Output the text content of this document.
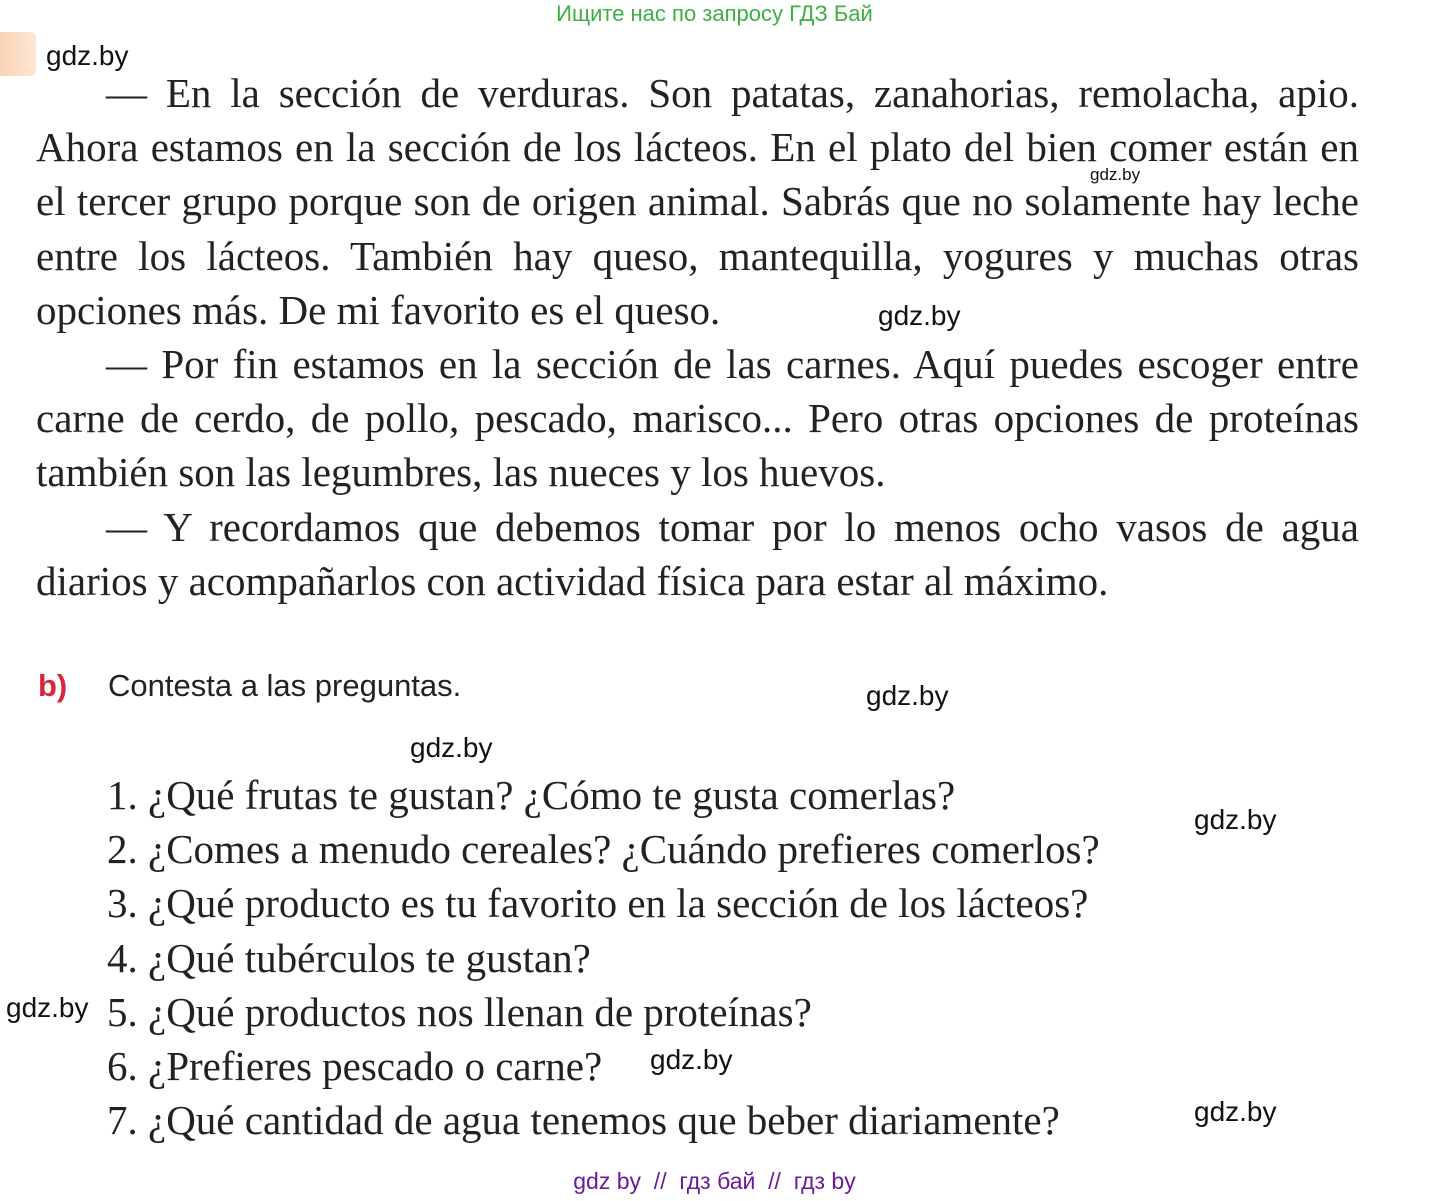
Ищите нас по запросу ГДЗ Бай

— En la sección de verduras. Son patatas, zanahorias, remolacha, apio. Ahora estamos en la sección de los lácteos. En el plato del bien comer están en el tercer grupo porque son de origen animal. Sabrás que no solamente hay leche entre los lácteos. También hay queso, mantequilla, yogures y muchas otras opciones más. De mi favorito es el queso.

— Por fin estamos en la sección de las carnes. Aquí puedes escoger entre carne de cerdo, de pollo, pescado, marisco... Pero otras opciones de proteínas también son las legumbres, las nueces y los huevos.

— Y recordamos que debemos tomar por lo menos ocho vasos de agua diarios y acompañarlos con actividad física para estar al máximo.

b) Contesta a las preguntas.
1. ¿Qué frutas te gustan? ¿Cómo te gusta comerlas?
2. ¿Comes a menudo cereales? ¿Cuándo prefieres comerlos?
3. ¿Qué producto es tu favorito en la sección de los lácteos?
4. ¿Qué tubérculos te gustan?
5. ¿Qué productos nos llenan de proteínas?
6. ¿Prefieres pescado o carne?
7. ¿Qué cantidad de agua tenemos que beber diariamente?
gdz.by
gdz.by
gdz.by
gdz.by
gdz.by
gdz.by
gdz.by
gdz.by
gdz.by
gdz by  //  гдз бай  //  гдз by
